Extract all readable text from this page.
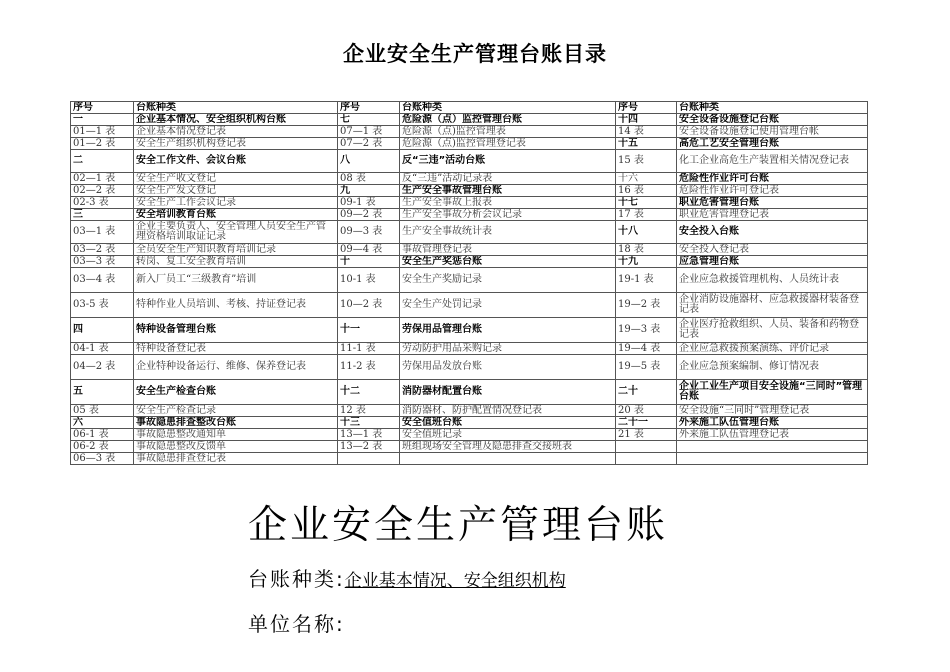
企业安全生产管理台账目录
序号	台账种类	序号	台账种类	序号	台账种类
一	企业基本情况、安全组织机构台账	七	危险源（点）监控管理台账	十四	安全设备设施登记台账
01—1 表	企业基本情况登记表	07—1 表	危险源（点)监控管理表	14 表	安全设备设施登记使用管理台帐
01—2 表	安全生产组织机构登记表	07—2 表	危险源（点)监控管理登记表	十五	高危工艺安全管理台账
二	安全工作文件、会议台账	八	反“三违”活动台账	15 表	化工企业高危生产装置相关情况登记表
02—1 表	安全生产收文登记	08 表	反“三违”活动记录表	十六	危险性作业许可台账
02—2 表	安全生产发文登记	九	生产安全事故管理台账	16 表	危险性作业许可登记表
02-3 表	安全生产工作会议记录	09-1 表	生产安全事故上报表	十七	职业危害管理台账
三	安全培训教育台账	09—2 表	生产安全事故分析会议记录	17 表	职业危害管理登记表
03—1 表	企业主要负责人、安全管理人员安全生产管理资格培训取证记录	09—3 表	生产安全事故统计表	十八	安全投入台账
03—2 表	全员安全生产知识教育培训记录	09—4 表	事故管理登记表	18 表	安全投入登记表
03—3 表	转岗、复工安全教育培训	十	安全生产奖惩台账	十九	应急管理台账
03—4 表	新入厂员工“三级教育”培训	10-1 表	安全生产奖励记录	19-1 表	企业应急救援管理机构、人员统计表
03-5 表	特种作业人员培训、考核、持证登记表	10—2 表	安全生产处罚记录	19—2 表	企业消防设施器材、应急救援器材装备登记表
四	特种设备管理台账	十一	劳保用品管理台账	19—3 表	企业医疗抢救组织、人员、装备和药物登记表
04-1 表	特种设备登记表	11-1 表	劳动防护用品采购记录	19—4 表	企业应急救援预案演练、评价记录
04—2 表	企业特种设备运行、维修、保养登记表	11-2 表	劳保用品发放台账	19—5 表	企业应急预案编制、修订情况表
五	安全生产检查台账	十二	消防器材配置台账	二十	企业工业生产项目安全设施“三同时”管理台账
05 表	安全生产检查记录	12 表	消防器材、防护配置情况登记表	20 表	安全设施“三同时”管理登记表
六	事故隐患排查整改台账	十三	安全值班台账	二十一	外来施工队伍管理台账
06-1 表	事故隐患整改通知单	13—1 表	安全值班记录	21 表	外来施工队伍管理登记表
06-2 表	事故隐患整改反馈单	13—2 表	班组现场安全管理及隐患排查交接班表		
06—3 表	事故隐患排查登记表				
企业安全生产管理台账
台账种类:企业基本情况、安全组织机构
单位名称:
